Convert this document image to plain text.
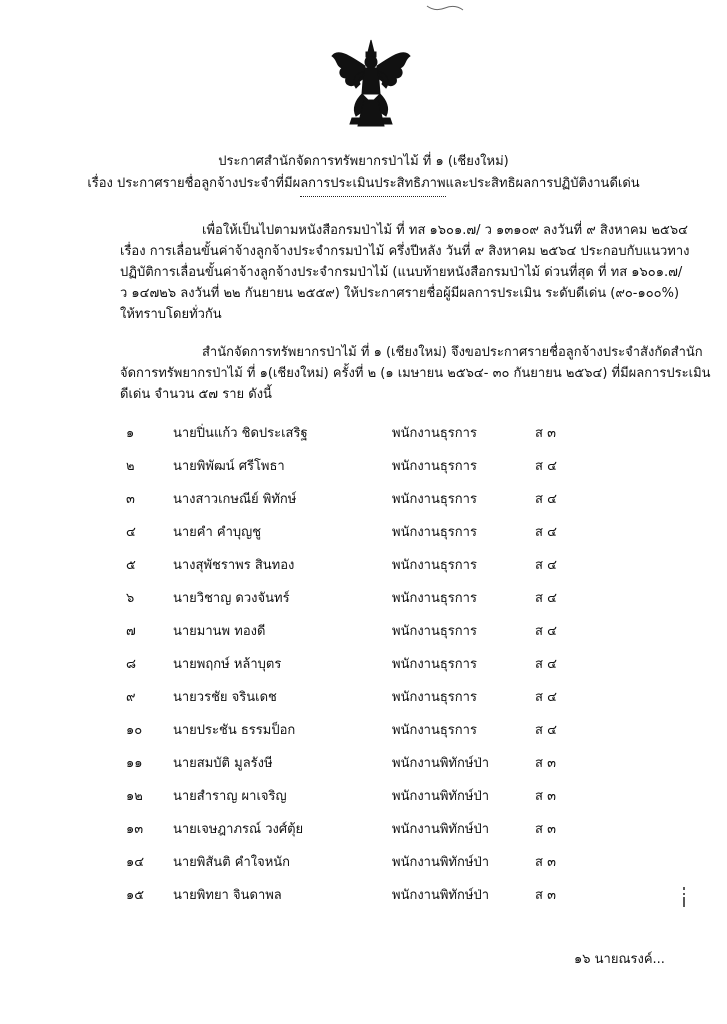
ประกาศสำนักจัดการทรัพยากรป่าไม้ ที่ ๑ (เชียงใหม่)
เรื่อง ประกาศรายชื่อลูกจ้างประจำที่มีผลการประเมินประสิทธิภาพและประสิทธิผลการปฏิบัติงานดีเด่น
เพื่อให้เป็นไปตามหนังสือกรมป่าไม้ ที่ ทส ๑๖๐๑.๗/ ว ๑๓๑๐๙ ลงวันที่ ๙ สิงหาคม ๒๕๖๔
เรื่อง การเลื่อนขั้นค่าจ้างลูกจ้างประจำกรมป่าไม้ ครึ่งปีหลัง วันที่ ๙ สิงหาคม ๒๕๖๔ ประกอบกับแนวทาง
ปฏิบัติการเลื่อนขั้นค่าจ้างลูกจ้างประจำกรมป่าไม้ (แนบท้ายหนังสือกรมป่าไม้ ด่วนที่สุด ที่ ทส ๑๖๐๑.๗/
ว ๑๔๗๒๖ ลงวันที่ ๒๒ กันยายน ๒๕๕๙) ให้ประกาศรายชื่อผู้มีผลการประเมิน ระดับดีเด่น (๙๐-๑๐๐%)
ให้ทราบโดยทั่วกัน
สำนักจัดการทรัพยากรป่าไม้ ที่ ๑ (เชียงใหม่) จึงขอประกาศรายชื่อลูกจ้างประจำสังกัดสำนัก
จัดการทรัพยากรป่าไม้ ที่ ๑(เชียงใหม่) ครั้งที่ ๒ (๑ เมษายน ๒๕๖๔- ๓๐ กันยายน ๒๕๖๔) ที่มีผลการประเมิน
ดีเด่น จำนวน ๕๗ ราย ดังนี้
๑	นายปิ่นแก้ว ชิดประเสริฐ	พนักงานธุรการ	ส ๓
๒	นายพิพัฒน์ ศรีโพธา	พนักงานธุรการ	ส ๔
๓	นางสาวเกษณีย์ พิทักษ์	พนักงานธุรการ	ส ๔
๔	นายคำ คำบุญชู	พนักงานธุรการ	ส ๔
๕	นางสุพัชราพร สินทอง	พนักงานธุรการ	ส ๔
๖	นายวิชาญ ดวงจันทร์	พนักงานธุรการ	ส ๔
๗	นายมานพ ทองดี	พนักงานธุรการ	ส ๔
๘	นายพฤกษ์ หล้าบุตร	พนักงานธุรการ	ส ๔
๙	นายวรชัย จรินเดช	พนักงานธุรการ	ส ๔
๑๐ นายประชัน ธรรมป็อก	พนักงานธุรการ	ส ๔
๑๑ นายสมบัติ มูลรังษี	พนักงานพิทักษ์ป่า	ส ๓
๑๒ นายสำราญ ผาเจริญ	พนักงานพิทักษ์ป่า	ส ๓
๑๓ นายเจษฎาภรณ์ วงศ์ตุ้ย	พนักงานพิทักษ์ป่า	ส ๓
๑๔ นายพิสันติ คำใจหนัก	พนักงานพิทักษ์ป่า	ส ๓
๑๕ นายพิทยา จินดาพล	พนักงานพิทักษ์ป่า	ส ๓
๑๖ นายณรงค์...
